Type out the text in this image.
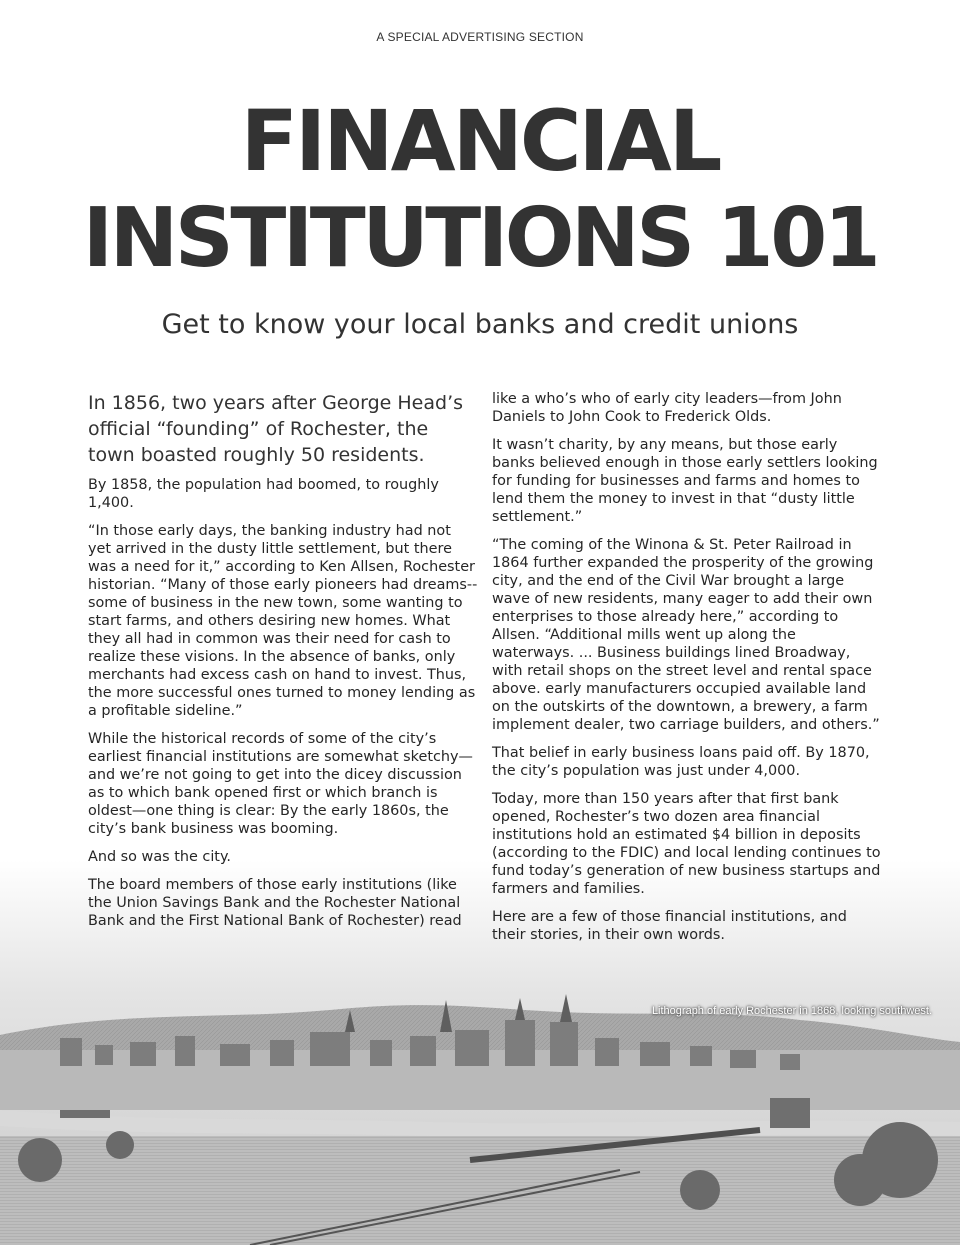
A SPECIAL ADVERTISING SECTION
FINANCIAL
INSTITUTIONS 101
Get to know your local banks and credit unions

In 1856, two years after George Head’s official “founding” of Rochester, the town boasted roughly 50 residents.

By 1858, the population had boomed, to roughly 1,400.

“In those early days, the banking industry had not yet arrived in the dusty little settlement, but there was a need for it,” according to Ken Allsen, Rochester historian. “Many of those early pioneers had dreams--some of business in the new town, some wanting to start farms, and others desiring new homes. What they all had in common was their need for cash to realize these visions. In the absence of banks, only merchants had excess cash on hand to invest. Thus, the more successful ones turned to money lending as a profitable sideline.”

While the historical records of some of the city’s earliest financial institutions are somewhat sketchy—and we’re not going to get into the dicey discussion as to which bank opened first or which branch is oldest—one thing is clear: By the early 1860s, the city’s bank business was booming.

And so was the city.

The board members of those early institutions (like the Union Savings Bank and the Rochester National Bank and the First National Bank of Rochester) read

like a who’s who of early city leaders—from John Daniels to John Cook to Frederick Olds.

It wasn’t charity, by any means, but those early banks believed enough in those early settlers looking for funding for businesses and farms and homes to lend them the money to invest in that “dusty little settlement.”

“The coming of the Winona & St. Peter Railroad in 1864 further expanded the prosperity of the growing city, and the end of the Civil War brought a large wave of new residents, many eager to add their own enterprises to those already here,” according to Allsen. “Additional mills went up along the waterways. ... Business buildings lined Broadway, with retail shops on the street level and rental space above. early manufacturers occupied available land on the outskirts of the downtown, a brewery, a farm implement dealer, two carriage builders, and others.”

That belief in early business loans paid off. By 1870, the city’s population was just under 4,000.

Today, more than 150 years after that first bank opened, Rochester’s two dozen area financial institutions hold an estimated $4 billion in deposits (according to the FDIC) and local lending continues to fund today’s generation of new business startups and farmers and families.

Here are a few of those financial institutions, and their stories, in their own words.

Lithograph of early Rochester in 1868, looking southwest.
